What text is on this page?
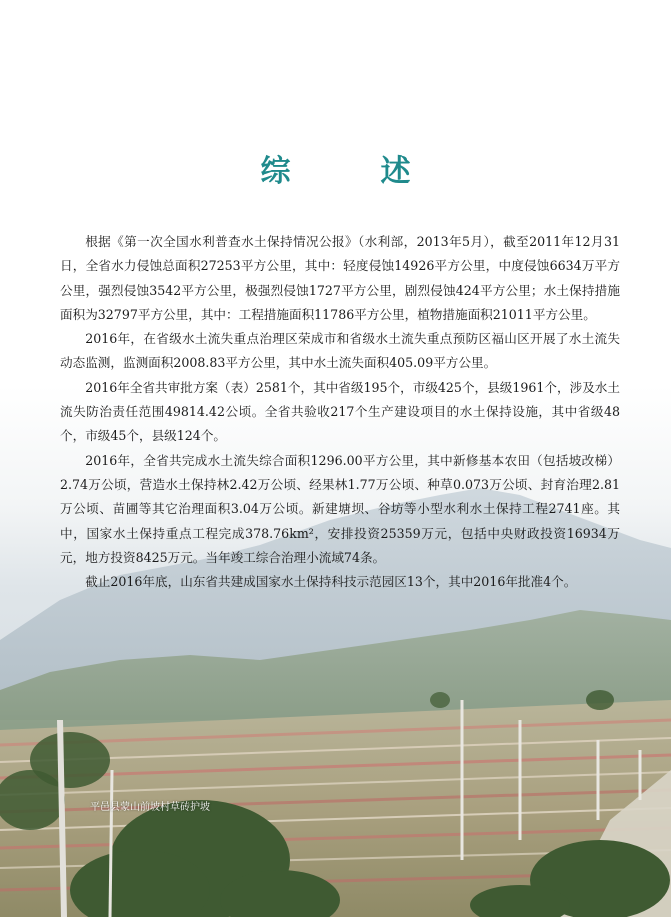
综　述

根据《第一次全国水利普查水土保持情况公报》（水利部，2013年5月），截至2011年12月31日，全省水力侵蚀总面积27253平方公里，其中：轻度侵蚀14926平方公里，中度侵蚀6634万平方公里，强烈侵蚀3542平方公里，极强烈侵蚀1727平方公里，剧烈侵蚀424平方公里；水土保持措施面积为32797平方公里，其中：工程措施面积11786平方公里，植物措施面积21011平方公里。

2016年，在省级水土流失重点治理区荣成市和省级水土流失重点预防区福山区开展了水土流失动态监测，监测面积2008.83平方公里，其中水土流失面积405.09平方公里。

2016年全省共审批方案（表）2581个，其中省级195个，市级425个，县级1961个，涉及水土流失防治责任范围49814.42公顷。全省共验收217个生产建设项目的水土保持设施，其中省级48个，市级45个，县级124个。

2016年，全省共完成水土流失综合面积1296.00平方公里，其中新修基本农田（包括坡改梯）2.74万公顷，营造水土保持林2.42万公顷、经果林1.77万公顷、种草0.073万公顷、封育治理2.81万公顷、苗圃等其它治理面积3.04万公顷。新建塘坝、谷坊等小型水利水土保持工程2741座。其中，国家水土保持重点工程完成378.76km²，安排投资25359万元，包括中央财政投资16934万元，地方投资8425万元。当年竣工综合治理小流域74条。

截止2016年底，山东省共建成国家水土保持科技示范园区13个，其中2016年批准4个。

平邑县蒙山前坡村草砖护坡
